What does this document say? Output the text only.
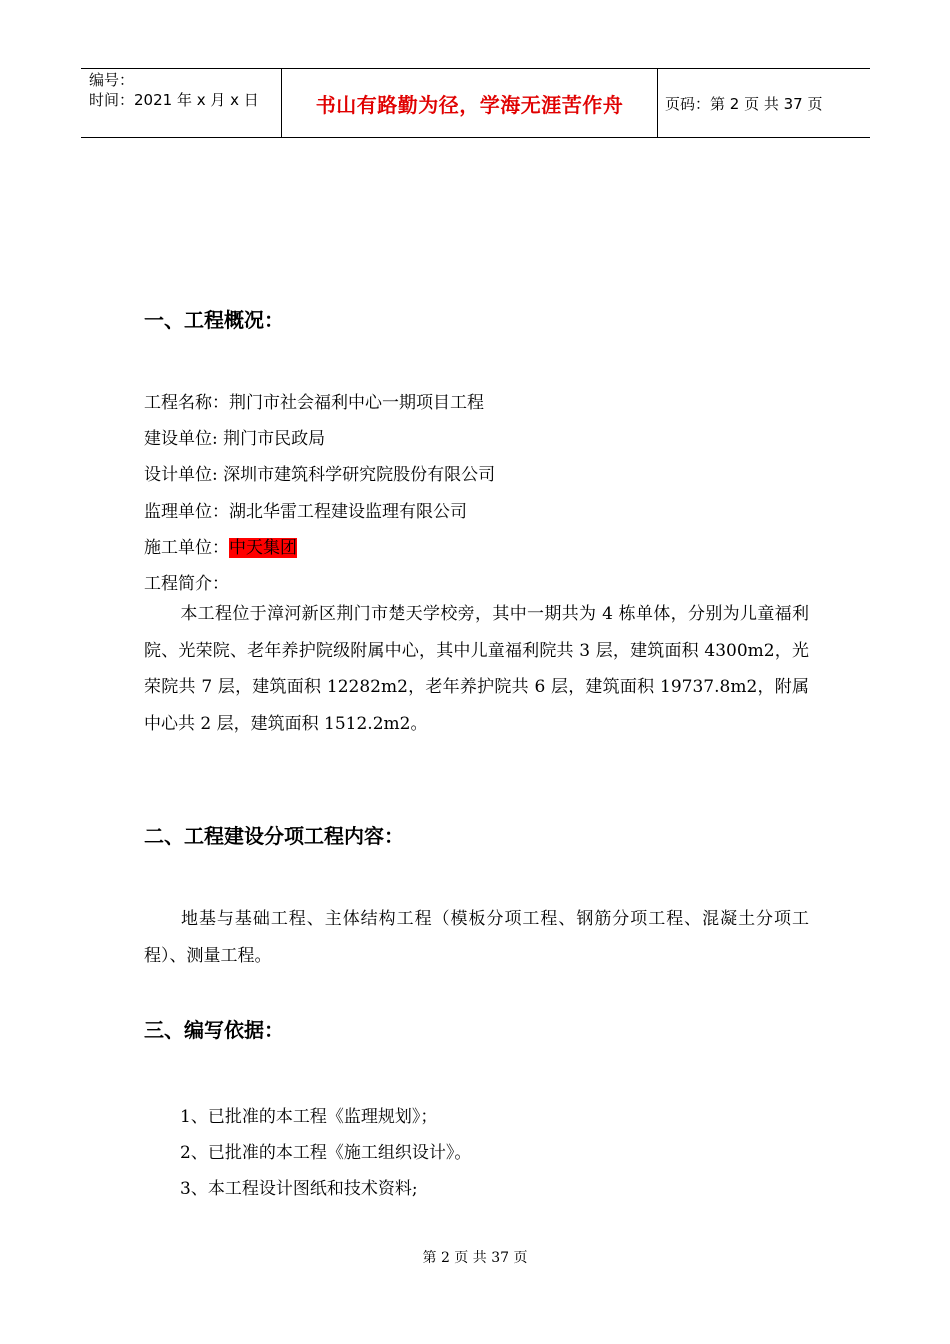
编号：
时间：2021 年 x 月 x 日	书山有路勤为径，学海无涯苦作舟	页码：第 2 页 共 37 页
一、工程概况：
工程名称：荆门市社会福利中心一期项目工程
建设单位: 荆门市民政局
设计单位: 深圳市建筑科学研究院股份有限公司
监理单位：湖北华雷工程建设监理有限公司
施工单位：中天集团
工程简介：
本工程位于漳河新区荆门市楚天学校旁，其中一期共为 4 栋单体，分别为儿童福利院、光荣院、老年养护院级附属中心，其中儿童福利院共 3 层，建筑面积 4300m2，光荣院共 7 层，建筑面积 12282m2，老年养护院共 6 层，建筑面积 19737.8m2，附属中心共 2 层，建筑面积 1512.2m2。
二、工程建设分项工程内容：
地基与基础工程、主体结构工程（模板分项工程、钢筋分项工程、混凝土分项工程）、测量工程。
三、编写依据：
1、已批准的本工程《监理规划》；
2、已批准的本工程《施工组织设计》。
3、本工程设计图纸和技术资料;
第 2 页 共 37 页
